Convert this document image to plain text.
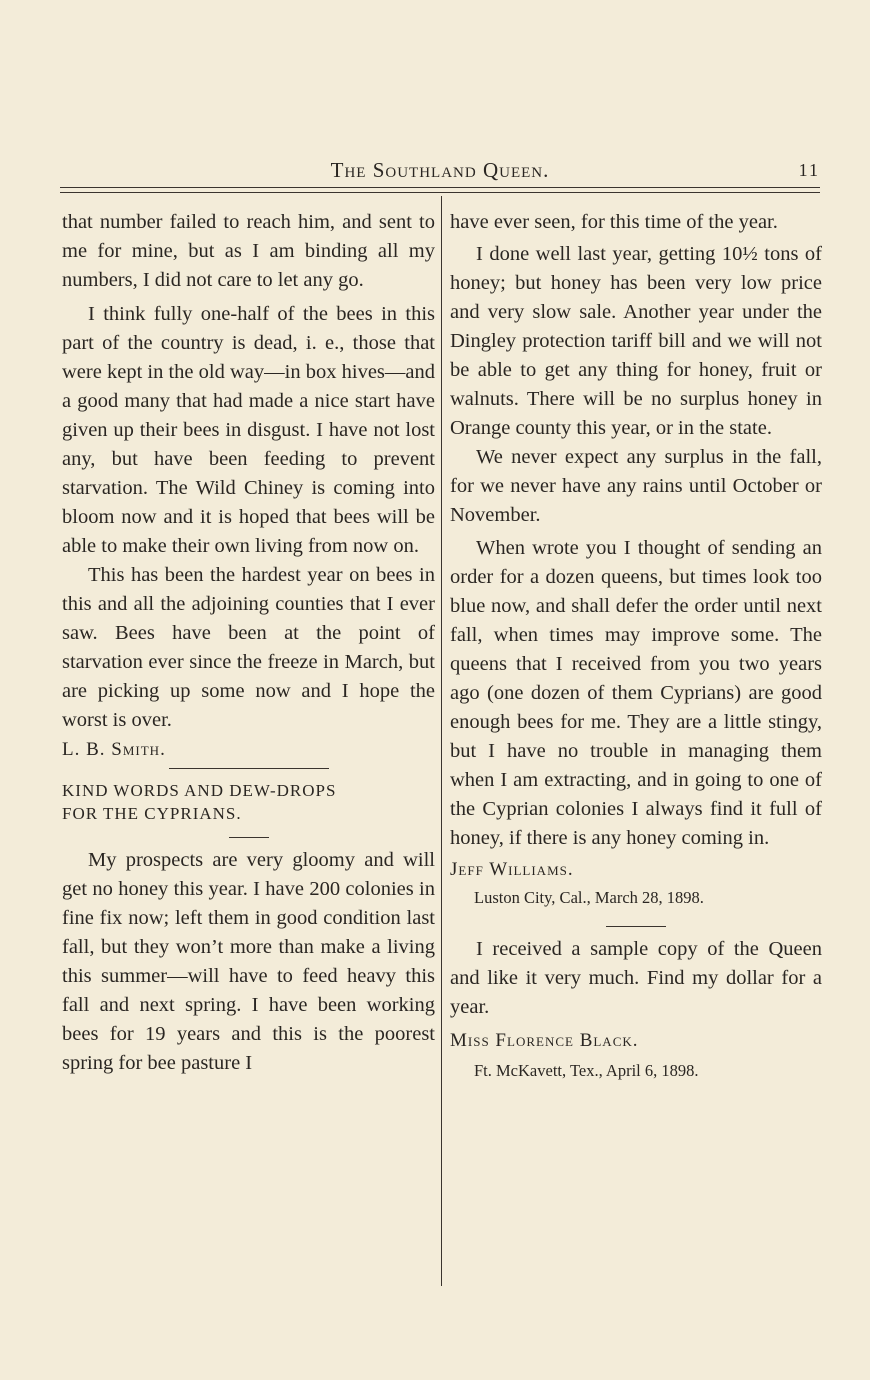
The Southland Queen.	11

that number failed to reach him, and sent to me for mine, but as I am binding all my numbers, I did not care to let any go.

I think fully one-half of the bees in this part of the country is dead, i. e., those that were kept in the old way—in box hives—and a good many that had made a nice start have given up their bees in disgust. I have not lost any, but have been feeding to prevent starvation. The Wild Chiney is coming into bloom now and it is hoped that bees will be able to make their own living from now on.

This has been the hardest year on bees in this and all the adjoining counties that I ever saw. Bees have been at the point of starvation ever since the freeze in March, but are picking up some now and I hope the worst is over.

L. B. Smith.

KIND WORDS AND DEW-DROPS

FOR THE CYPRIANS.

My prospects are very gloomy and will get no honey this year. I have 200 colonies in fine fix now; left them in good condition last fall, but they won’t more than make a living this summer—will have to feed heavy this fall and next spring. I have been working bees for 19 years and this is the poorest spring for bee pasture I

have ever seen, for this time of the year.

I done well last year, getting 10½ tons of honey; but honey has been very low price and very slow sale. Another year under the Dingley protection tariff bill and we will not be able to get any thing for honey, fruit or walnuts. There will be no surplus honey in Orange county this year, or in the state.

We never expect any surplus in the fall, for we never have any rains until October or November.

When wrote you I thought of sending an order for a dozen queens, but times look too blue now, and shall defer the order until next fall, when times may improve some. The queens that I received from you two years ago (one dozen of them Cyprians) are good enough bees for me. They are a little stingy, but I have no trouble in managing them when I am extracting, and in going to one of the Cyprian colonies I always find it full of honey, if there is any honey coming in.

Jeff Williams.

Luston City, Cal., March 28, 1898.

I received a sample copy of the Queen and like it very much. Find my dollar for a year.

Miss Florence Black.

Ft. McKavett, Tex., April 6, 1898.
